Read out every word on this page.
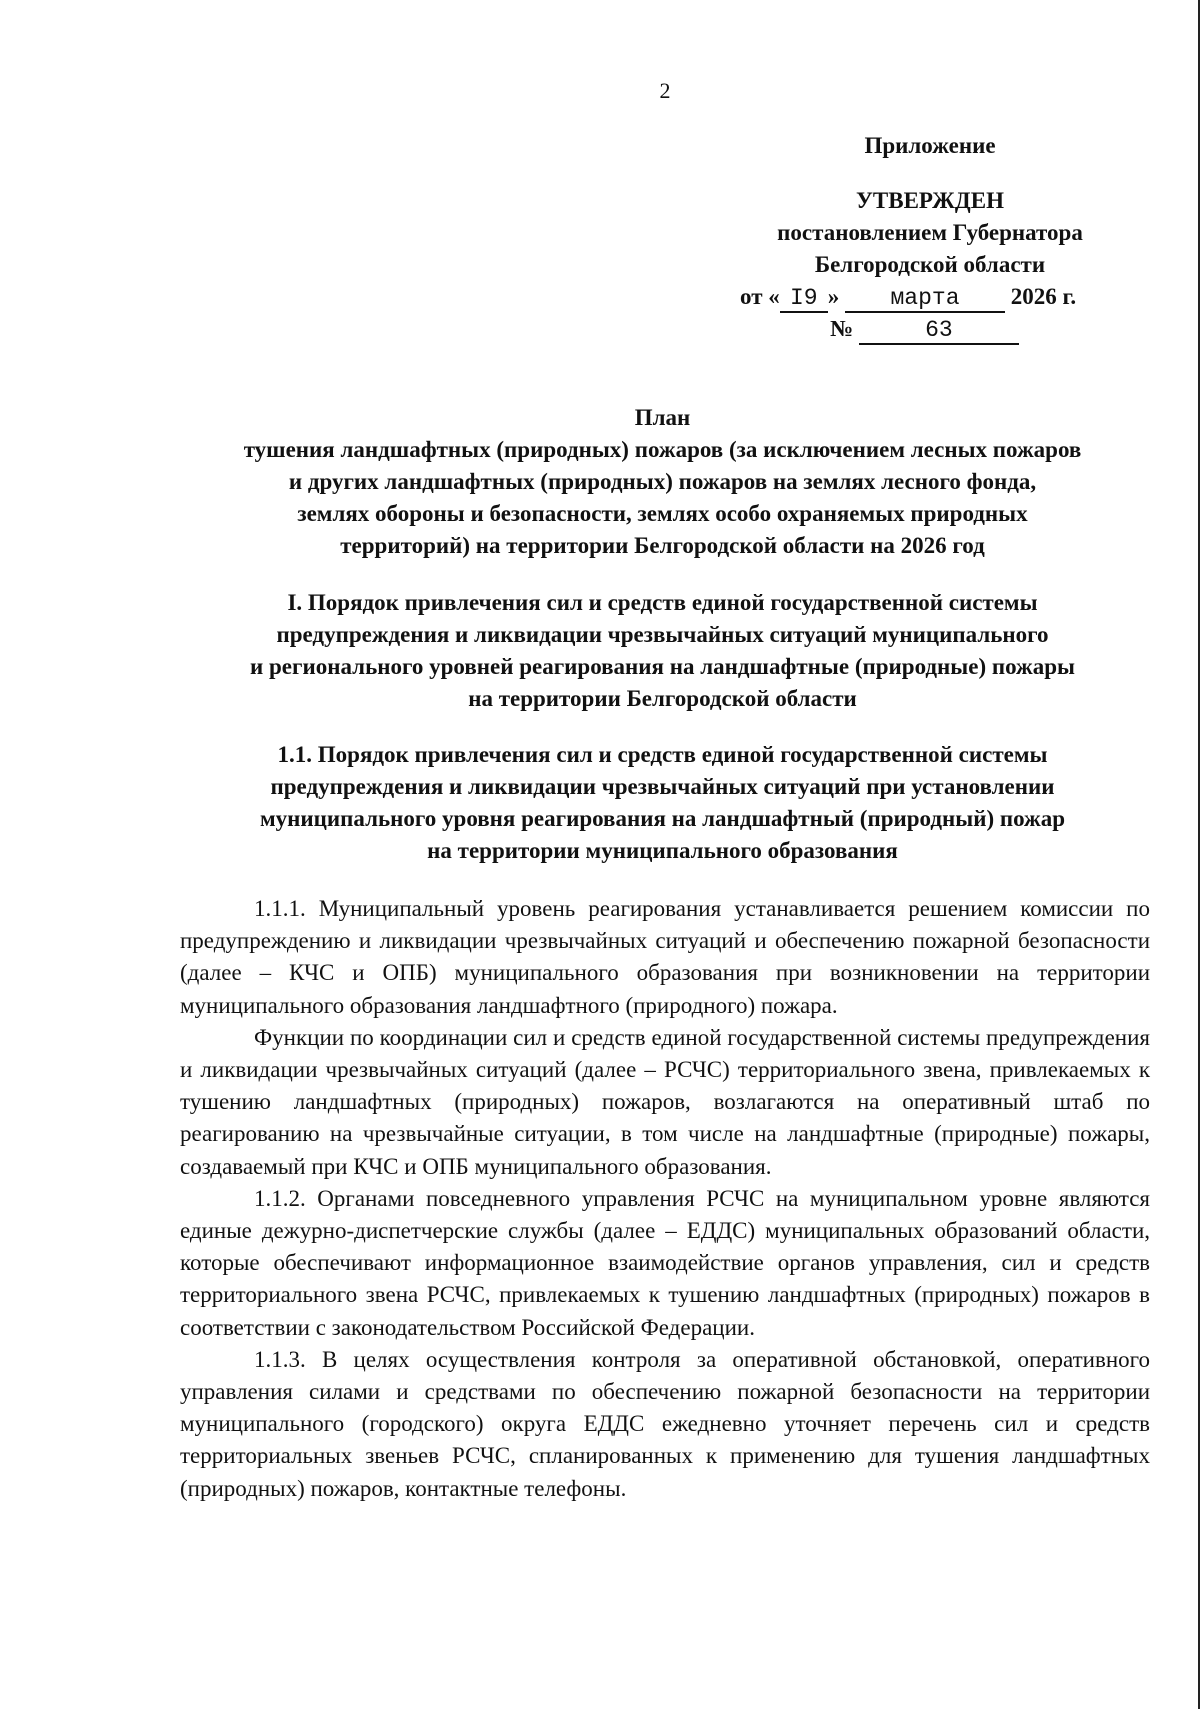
2
Приложение
УТВЕРЖДЕН
постановлением Губернатора
Белгородской области
от « I9 » марта 2026 г.
№	63
План
тушения ландшафтных (природных) пожаров (за исключением лесных пожаров
и других ландшафтных (природных) пожаров на землях лесного фонда,
землях обороны и безопасности, землях особо охраняемых природных
территорий) на территории Белгородской области на 2026 год
I. Порядок привлечения сил и средств единой государственной системы
предупреждения и ликвидации чрезвычайных ситуаций муниципального
и регионального уровней реагирования на ландшафтные (природные) пожары
на территории Белгородской области
1.1. Порядок привлечения сил и средств единой государственной системы
предупреждения и ликвидации чрезвычайных ситуаций при установлении
муниципального уровня реагирования на ландшафтный (природный) пожар
на территории муниципального образования

1.1.1. Муниципальный уровень реагирования устанавливается решением комиссии по предупреждению и ликвидации чрезвычайных ситуаций и обеспечению пожарной безопасности (далее – КЧС и ОПБ) муниципального образования при возникновении на территории муниципального образования ландшафтного (природного) пожара.

Функции по координации сил и средств единой государственной системы предупреждения и ликвидации чрезвычайных ситуаций (далее – РСЧС) территориального звена, привлекаемых к тушению ландшафтных (природных) пожаров, возлагаются на оперативный штаб по реагированию на чрезвычайные ситуации, в том числе на ландшафтные (природные) пожары, создаваемый при КЧС и ОПБ муниципального образования.

1.1.2. Органами повседневного управления РСЧС на муниципальном уровне являются единые дежурно-диспетчерские службы (далее – ЕДДС) муниципальных образований области, которые обеспечивают информационное взаимодействие органов управления, сил и средств территориального звена РСЧС, привлекаемых к тушению ландшафтных (природных) пожаров в соответствии с законодательством Российской Федерации.

1.1.3. В целях осуществления контроля за оперативной обстановкой, оперативного управления силами и средствами по обеспечению пожарной безопасности на территории муниципального (городского) округа ЕДДС ежедневно уточняет перечень сил и средств территориальных звеньев РСЧС, спланированных к применению для тушения ландшафтных (природных) пожаров, контактные телефоны.
